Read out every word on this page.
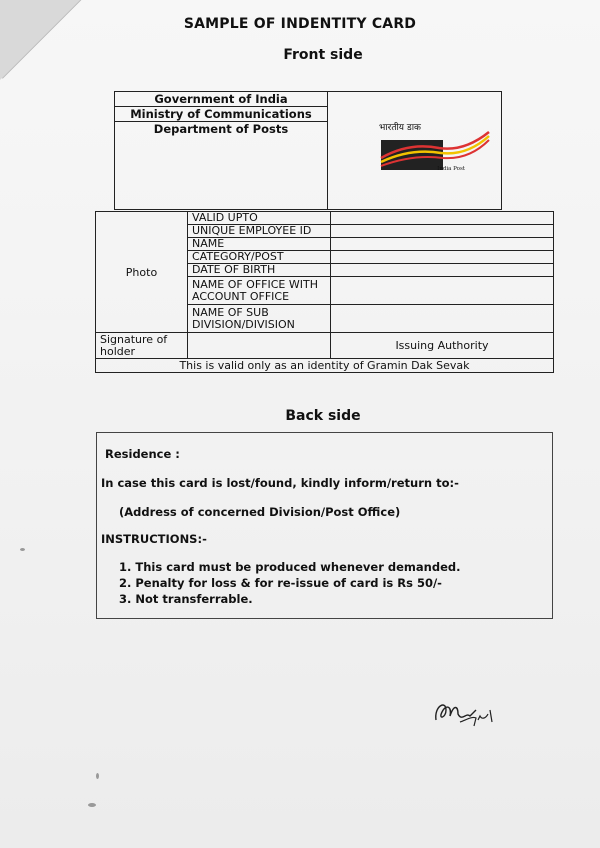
SAMPLE OF INDENTITY CARD
Front side
Government of India
Ministry of Communications
Department of Posts	भारतीय डाक
India Post
Photo	VALID UPTO	
	UNIQUE EMPLOYEE ID	
	NAME	
	CATEGORY/POST	
	DATE OF BIRTH	
	NAME OF OFFICE WITH ACCOUNT OFFICE	
	NAME OF SUB DIVISION/DIVISION	
Signature of holder		Issuing Authority
This is valid only as an identity of Gramin Dak Sevak		
Back side
Residence :
In case this card is lost/found, kindly inform/return to:-
(Address of concerned Division/Post Office)
INSTRUCTIONS:-
1. This card must be produced whenever demanded.
2. Penalty for loss & for re-issue of card is Rs 50/-
3. Not transferrable.
